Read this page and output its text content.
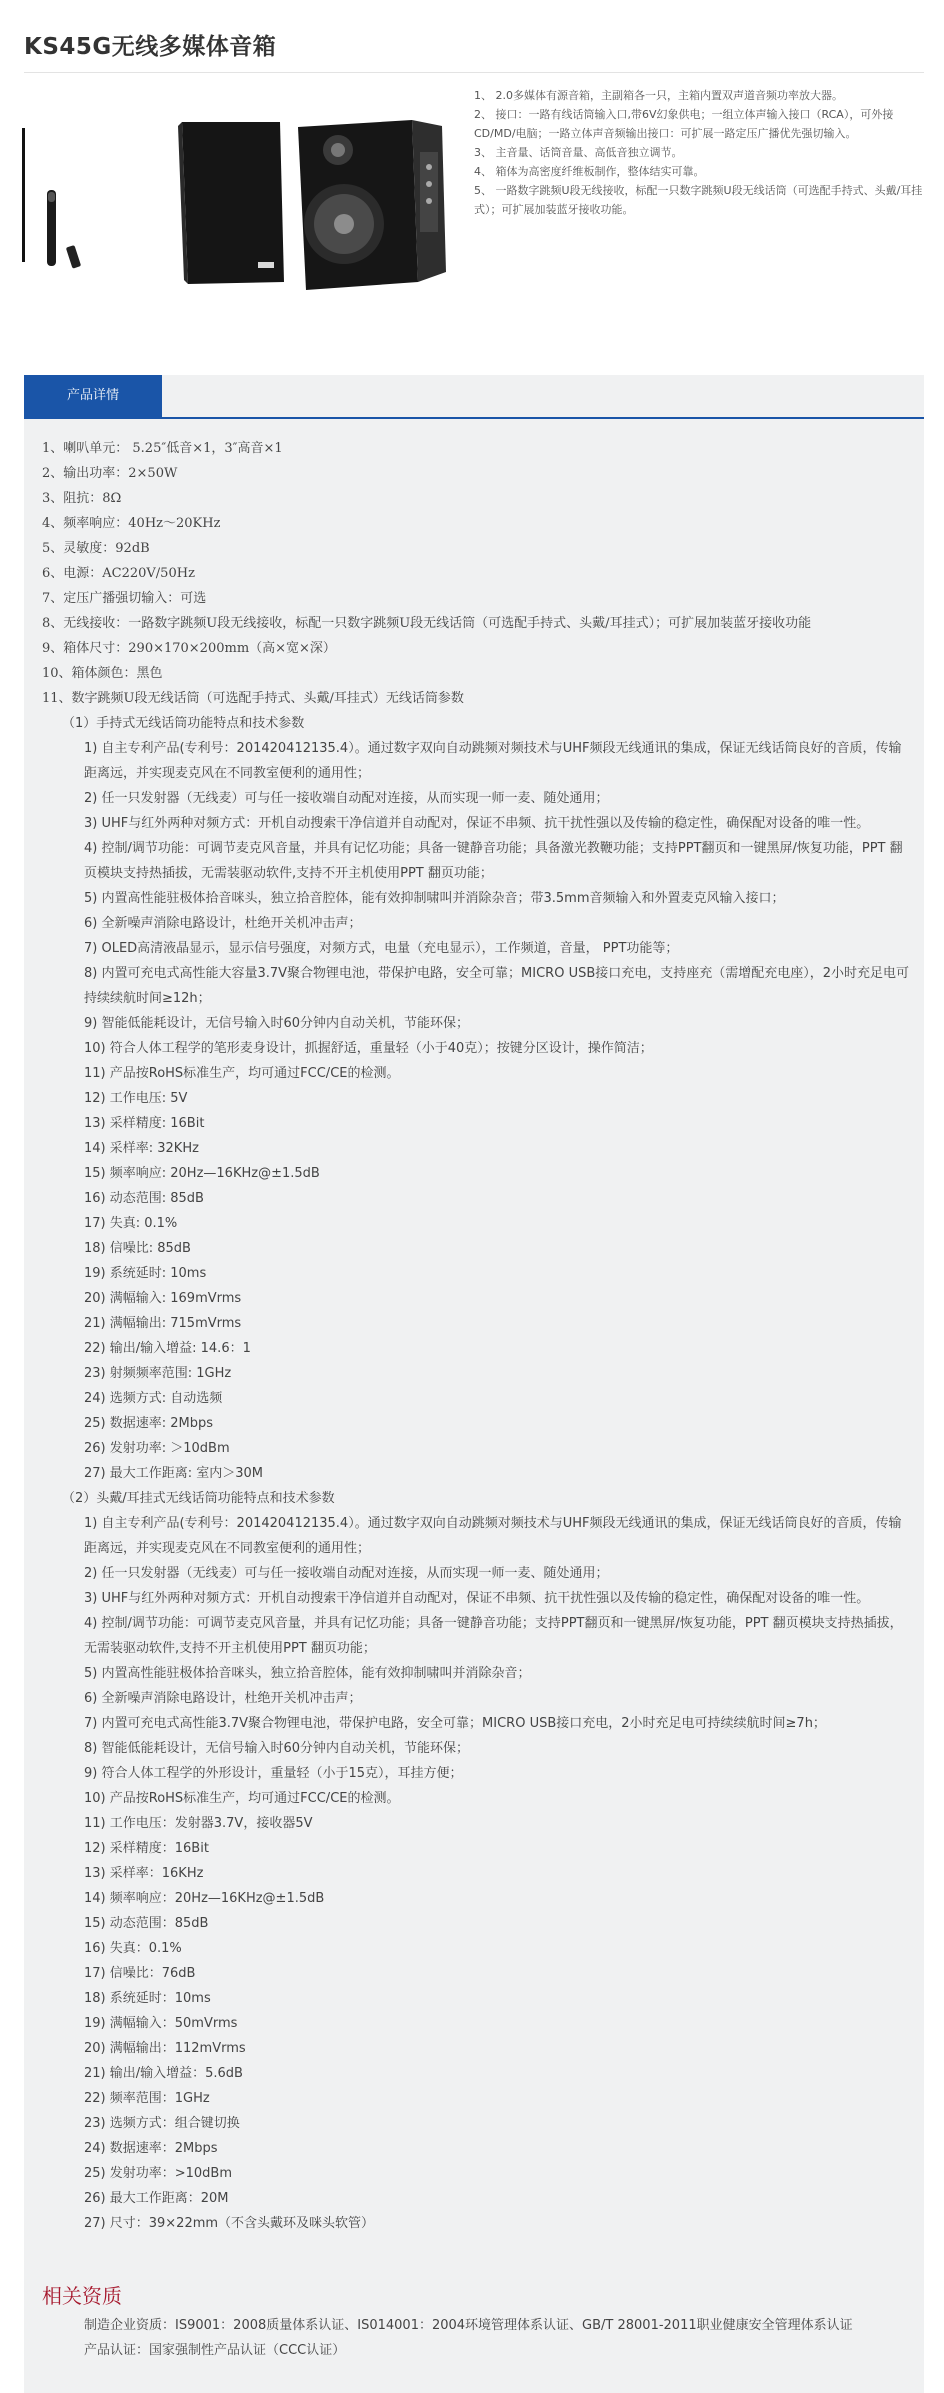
KS45G无线多媒体音箱

1、 2.0多媒体有源音箱，主副箱各一只，主箱内置双声道音频功率放大器。

2、 接口：一路有线话筒输入口,带6V幻象供电；一组立体声输入接口（RCA），可外接CD/MD/电脑；一路立体声音频输出接口：可扩展一路定压广播优先强切输入。

3、 主音量、话筒音量、高低音独立调节。

4、 箱体为高密度纤维板制作，整体结实可靠。

5、 一路数字跳频U段无线接收，标配一只数字跳频U段无线话筒（可选配手持式、头戴/耳挂式）；可扩展加装蓝牙接收功能。

产品详情

1、喇叭单元： 5.25″低音×1，3″高音×1

2、输出功率：2×50W

3、阻抗：8Ω

4、频率响应：40Hz～20KHz

5、灵敏度：92dB

6、电源：AC220V/50Hz

7、定压广播强切输入：可选

8、无线接收：一路数字跳频U段无线接收，标配一只数字跳频U段无线话筒（可选配手持式、头戴/耳挂式）；可扩展加装蓝牙接收功能

9、箱体尺寸：290×170×200mm（高×宽×深）

10、箱体颜色：黑色

11、数字跳频U段无线话筒（可选配手持式、头戴/耳挂式）无线话筒参数

（1）手持式无线话筒功能特点和技术参数

1) 自主专利产品(专利号：201420412135.4）。通过数字双向自动跳频对频技术与UHF频段无线通讯的集成，保证无线话筒良好的音质，传输距离远，并实现麦克风在不同教室便利的通用性；

2) 任一只发射器（无线麦）可与任一接收端自动配对连接，从而实现一师一麦、随处通用；

3) UHF与红外两种对频方式：开机自动搜索干净信道并自动配对，保证不串频、抗干扰性强以及传输的稳定性，确保配对设备的唯一性。

4) 控制/调节功能：可调节麦克风音量，并具有记忆功能；具备一键静音功能；具备激光教鞭功能；支持PPT翻页和一键黑屏/恢复功能，PPT 翻页模块支持热插拔，无需装驱动软件,支持不开主机使用PPT 翻页功能；

5) 内置高性能驻极体拾音咪头，独立拾音腔体，能有效抑制啸叫并消除杂音；带3.5mm音频输入和外置麦克风输入接口；

6) 全新噪声消除电路设计，杜绝开关机冲击声；

7) OLED高清液晶显示，显示信号强度，对频方式，电量（充电显示），工作频道，音量， PPT功能等；

8) 内置可充电式高性能大容量3.7V聚合物锂电池，带保护电路，安全可靠；MICRO USB接口充电，支持座充（需增配充电座），2小时充足电可持续续航时间≥12h；

9) 智能低能耗设计，无信号输入时60分钟内自动关机，节能环保；

10) 符合人体工程学的笔形麦身设计，抓握舒适，重量轻（小于40克）；按键分区设计，操作简洁；

11) 产品按RoHS标准生产，均可通过FCC/CE的检测。

12) 工作电压: 5V

13) 采样精度: 16Bit

14) 采样率: 32KHz

15) 频率响应: 20Hz—16KHz@±1.5dB

16) 动态范围: 85dB

17) 失真: 0.1%

18) 信噪比: 85dB

19) 系统延时: 10ms

20) 满幅输入: 169mVrms

21) 满幅输出: 715mVrms

22) 输出/输入增益: 14.6：1

23) 射频频率范围: 1GHz

24) 选频方式: 自动选频

25) 数据速率: 2Mbps

26) 发射功率: ＞10dBm

27) 最大工作距离: 室内＞30M

（2）头戴/耳挂式无线话筒功能特点和技术参数

1) 自主专利产品(专利号：201420412135.4）。通过数字双向自动跳频对频技术与UHF频段无线通讯的集成，保证无线话筒良好的音质，传输距离远，并实现麦克风在不同教室便利的通用性；

2) 任一只发射器（无线麦）可与任一接收端自动配对连接，从而实现一师一麦、随处通用；

3) UHF与红外两种对频方式：开机自动搜索干净信道并自动配对，保证不串频、抗干扰性强以及传输的稳定性，确保配对设备的唯一性。

4) 控制/调节功能：可调节麦克风音量，并具有记忆功能；具备一键静音功能；支持PPT翻页和一键黑屏/恢复功能，PPT 翻页模块支持热插拔，无需装驱动软件,支持不开主机使用PPT 翻页功能；

5) 内置高性能驻极体拾音咪头，独立拾音腔体，能有效抑制啸叫并消除杂音；

6) 全新噪声消除电路设计，杜绝开关机冲击声；

7) 内置可充电式高性能3.7V聚合物锂电池，带保护电路，安全可靠；MICRO USB接口充电，2小时充足电可持续续航时间≥7h；

8) 智能低能耗设计，无信号输入时60分钟内自动关机，节能环保；

9) 符合人体工程学的外形设计，重量轻（小于15克），耳挂方便；

10) 产品按RoHS标准生产，均可通过FCC/CE的检测。

11) 工作电压：发射器3.7V，接收器5V

12) 采样精度：16Bit

13) 采样率：16KHz

14) 频率响应：20Hz—16KHz@±1.5dB

15) 动态范围：85dB

16) 失真：0.1%

17) 信噪比：76dB

18) 系统延时：10ms

19) 满幅输入：50mVrms

20) 满幅输出：112mVrms

21) 输出/输入增益：5.6dB

22) 频率范围：1GHz

23) 选频方式：组合键切换

24) 数据速率：2Mbps

25) 发射功率：>10dBm

26) 最大工作距离：20M

27) 尺寸：39×22mm（不含头戴环及咪头软管）

相关资质

制造企业资质：IS9001：2008质量体系认证、IS014001：2004环境管理体系认证、GB/T 28001-2011职业健康安全管理体系认证

产品认证：国家强制性产品认证（CCC认证）
